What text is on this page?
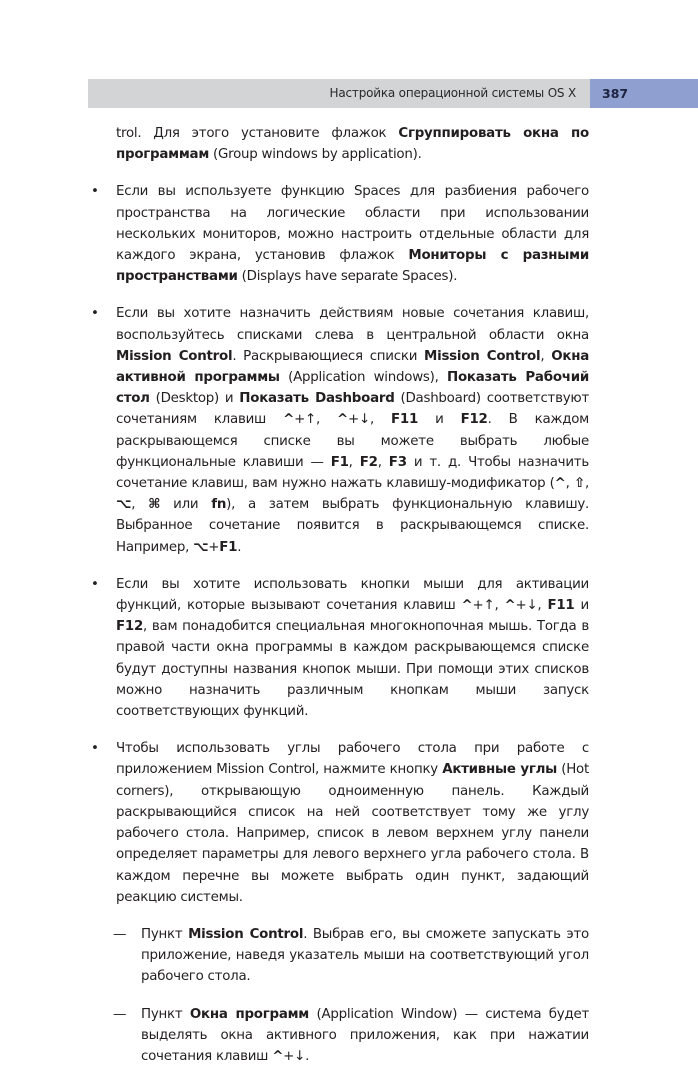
Настройка операционной системы OS X	387

trol. Для этого установите флажок Сгруппировать окна по программам (Group windows by application).

• Если вы используете функцию Spaces для разбиения рабочего пространства на логические области при использовании нескольких мониторов, можно настроить отдельные области для каждого экрана, установив флажок Мониторы с разными пространствами (Displays have separate Spaces).
• Если вы хотите назначить действиям новые сочетания клавиш, воспользуйтесь списками слева в центральной области окна Mission Control. Раскрывающиеся списки Mission Control, Окна активной программы (Application windows), Показать Рабочий стол (Desktop) и Показать Dashboard (Dashboard) соответствуют сочетаниям клавиш ^+↑, ^+↓, F11 и F12. В каждом раскрывающемся списке вы можете выбрать любые функциональные клавиши — F1, F2, F3 и т. д. Чтобы назначить сочетание клавиш, вам нужно нажать клавишу-модификатор (^, ⇧, ⌥, ⌘ или fn), а затем выбрать функциональную клавишу. Выбранное сочетание появится в раскрывающемся списке. Например, ⌥+F1.
• Если вы хотите использовать кнопки мыши для активации функций, которые вызывают сочетания клавиш ^+↑, ^+↓, F11 и F12, вам понадобится специальная многокнопочная мышь. Тогда в правой части окна программы в каждом раскрывающемся списке будут доступны названия кнопок мыши. При помощи этих списков можно назначить различным кнопкам мыши запуск соответствующих функций.
• Чтобы использовать углы рабочего стола при работе с приложением Mission Control, нажмите кнопку Активные углы (Hot corners), открывающую одноименную панель. Каждый раскрывающийся список на ней соответствует тому же углу рабочего стола. Например, список в левом верхнем углу панели определяет параметры для левого верхнего угла рабочего стола. В каждом перечне вы можете выбрать один пункт, задающий реакцию системы.
— Пункт Mission Control. Выбрав его, вы сможете запускать это приложение, наведя указатель мыши на соответствующий угол рабочего стола.
— Пункт Окна программ (Application Window) — система будет выделять окна активного приложения, как при нажатии сочетания клавиш ^+↓.
